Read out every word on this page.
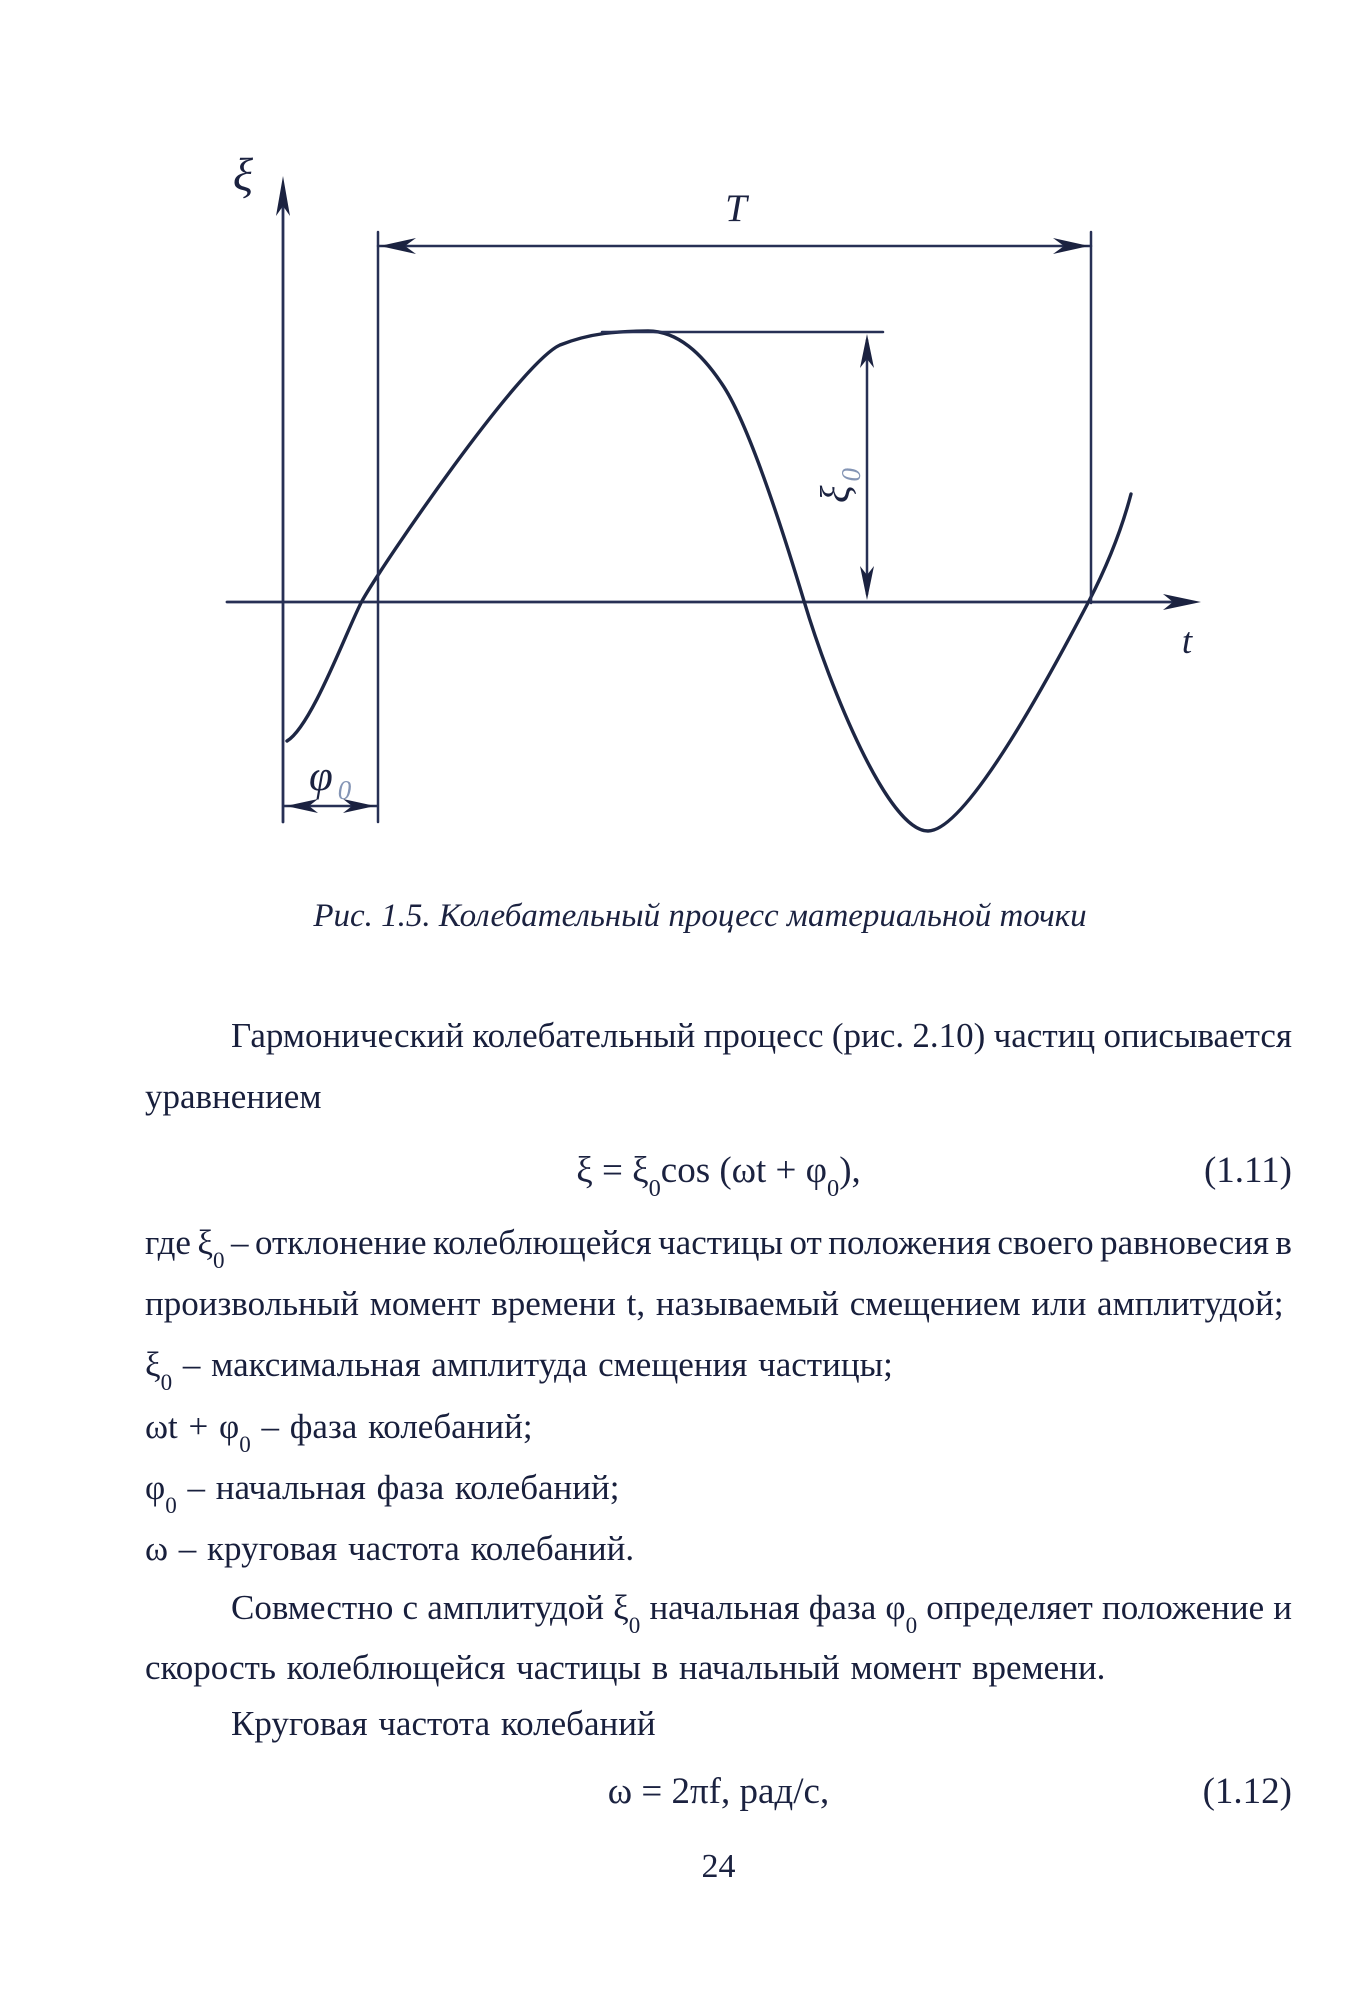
ξ
T
t
$\xi_0$
φ $_0$
Рис. 1.5. Колебательный процесс материальной точки
Гармонический колебательный процесс (рис. 2.10) частиц описывается
уравнением
$\xi = \xi_0\cos$ $(\omega t + \varphi_0)$,	(1.11)
где $\xi_0$ – отклонение колеблющейся частицы от положения своего равновесия в
произвольный момент времени t, называемый смещением или амплитудой;
$\xi_0$ – максимальная амплитуда смещения частицы;
$\omega t + \varphi_0$ – фаза колебаний;
$\varphi_0$ – начальная фаза колебаний;
ω – круговая частота колебаний.
Совместно с амплитудой $\xi_0$ начальная фаза $\varphi_0$ определяет положение и
скорость колеблющейся частицы в начальный момент времени.
Круговая частота колебаний
ω = 2πf, рад/с,	(1.12)
24
